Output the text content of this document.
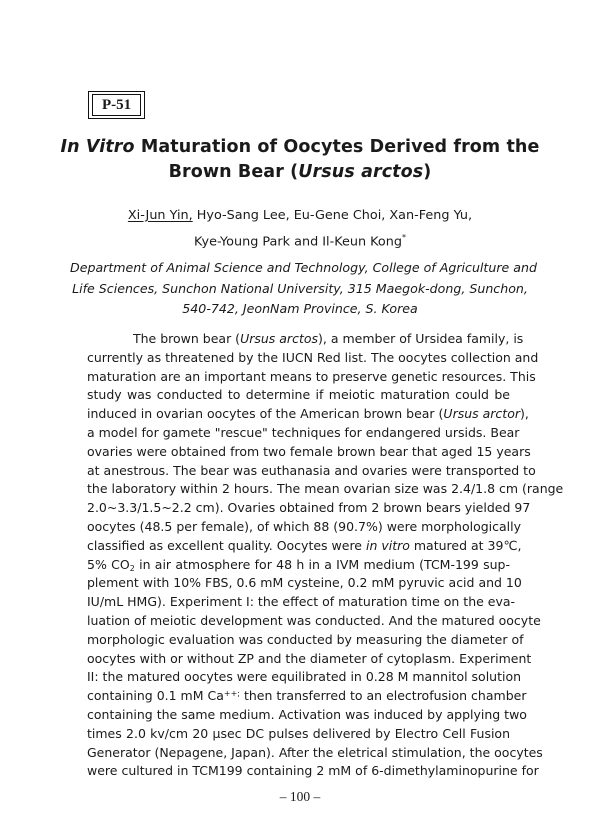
P-51
In Vitro Maturation of Oocytes Derived from the
Brown Bear (Ursus arctos)
Xi-Jun Yin, Hyo-Sang Lee, Eu-Gene Choi, Xan-Feng Yu,
Kye-Young Park and Il-Keun Kong*
Department of Animal Science and Technology, College of Agriculture and
Life Sciences, Sunchon National University, 315 Maegok-dong, Sunchon,
540-742, JeonNam Province, S. Korea
The brown bear (Ursus arctos), a member of Ursidea family, is
currently as threatened by the IUCN Red list. The oocytes collection and
maturation are an important means to preserve genetic resources. This
study was conducted to determine if meiotic maturation could be
induced in ovarian oocytes of the American brown bear (Ursus arctor),
a model for gamete "rescue" techniques for endangered ursids. Bear
ovaries were obtained from two female brown bear that aged 15 years
at anestrous. The bear was euthanasia and ovaries were transported to
the laboratory within 2 hours. The mean ovarian size was 2.4/1.8 cm (range
2.0~3.3/1.5~2.2 cm). Ovaries obtained from 2 brown bears yielded 97
oocytes (48.5 per female), of which 88 (90.7%) were morphologically
classified as excellent quality. Oocytes were in vitro matured at 39℃,
5% $CO_2$ in air atmosphere for 48 h in a IVM medium (TCM-199 sup-
plement with 10% FBS, 0.6 mM cysteine, 0.2 mM pyruvic acid and 10
IU/mL HMG). Experiment I: the effect of maturation time on the eva-
luation of meiotic development was conducted. And the matured oocyte
morphologic evaluation was conducted by measuring the diameter of
oocytes with or without ZP and the diameter of cytoplasm. Experiment
II: the matured oocytes were equilibrated in 0.28 M mannitol solution
containing 0.1 mM Ca++; then transferred to an electrofusion chamber
containing the same medium. Activation was induced by applying two
times 2.0 kv/cm 20 μsec DC pulses delivered by Electro Cell Fusion
Generator (Nepagene, Japan). After the eletrical stimulation, the oocytes
were cultured in TCM199 containing 2 mM of 6-dimethylaminopurine for
– 100 –
